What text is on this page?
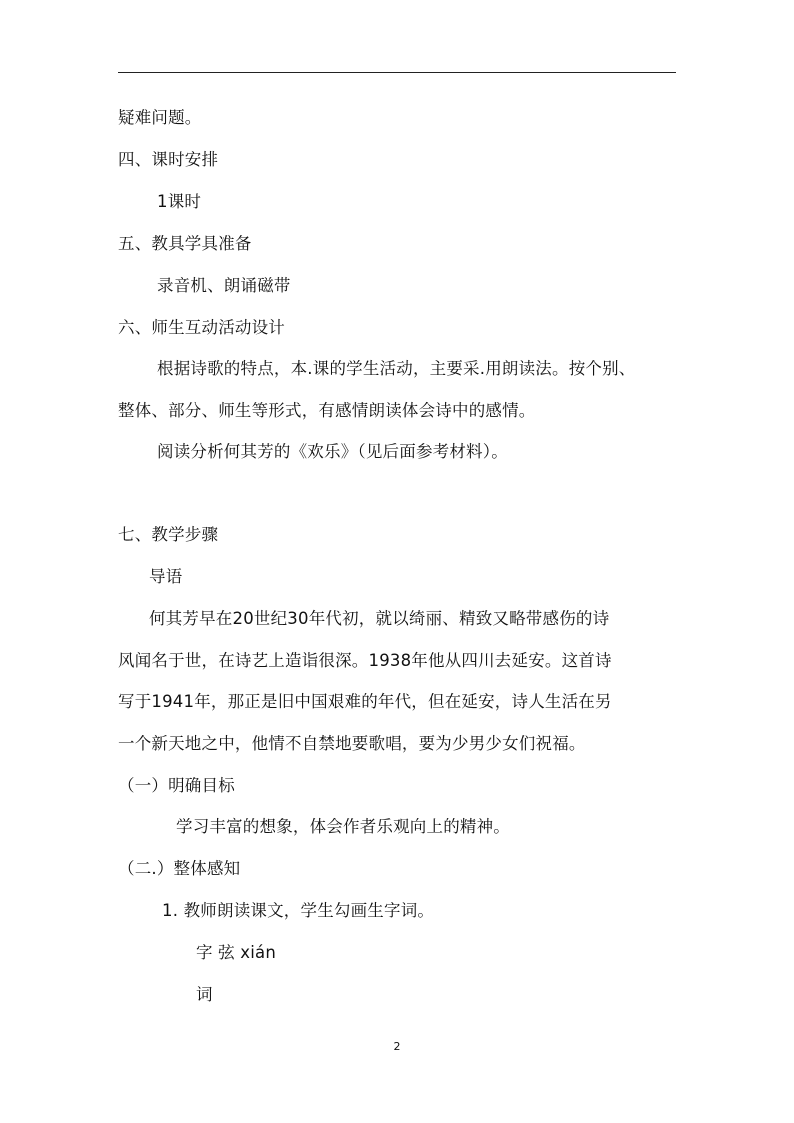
疑难问题。
四、课时安排
1课时
五、教具学具准备
录音机、朗诵磁带
六、师生互动活动设计
根据诗歌的特点，本.课的学生活动，主要采.用朗读法。按个别、
整体、部分、师生等形式，有感情朗读体会诗中的感情。
阅读分析何其芳的《欢乐》（见后面参考材料）。
七、教学步骤
导语
何其芳早在20世纪30年代初，就以绮丽、精致又略带感伤的诗
风闻名于世，在诗艺上造诣很深。1938年他从四川去延安。这首诗
写于1941年，那正是旧中国艰难的年代，但在延安，诗人生活在另
一个新天地之中，他情不自禁地要歌唱，要为少男少女们祝福。
（一）明确目标
学习丰富的想象，体会作者乐观向上的精神。
（二.）整体感知
1. 教师朗读课文，学生勾画生字词。
字 弦 xián
词
2
